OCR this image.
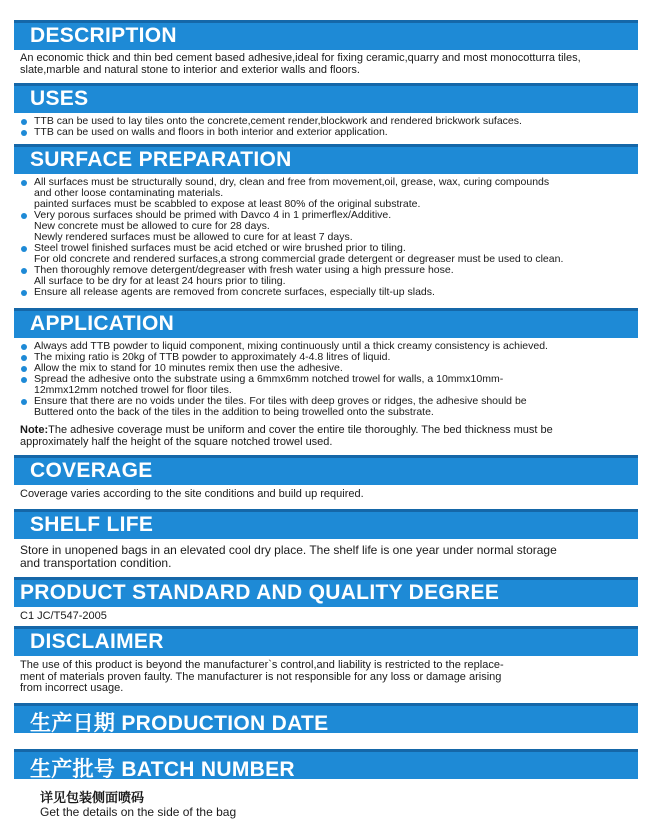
DESCRIPTION
An economic thick and thin bed cement based adhesive,ideal for fixing ceramic,quarry and most monocotturra tiles,
slate,marble and natural stone to interior and exterior walls and floors.
USES
TTB can be used to lay tiles onto the concrete,cement render,blockwork and rendered brickwork sufaces.
TTB can be used on walls and floors in both interior and exterior application.
SURFACE PREPARATION
All surfaces must be structurally sound, dry, clean and free from movement,oil, grease, wax, curing compounds
and other loose contaminating materials.
painted surfaces must be scabbled to expose at least 80% of the original substrate.
Very porous surfaces should be primed with Davco 4 in 1 primerflex/Additive.
New concrete must be allowed to cure for 28 days.
Newly rendered surfaces must be allowed to cure for at least 7 days.
Steel trowel finished surfaces must be acid etched or wire brushed prior to tiling.
For old concrete and rendered surfaces,a strong commercial grade detergent or degreaser must be used to clean.
Then thoroughly remove detergent/degreaser with fresh water using a high pressure hose.
All surface to be dry for at least 24 hours prior to tiling.
Ensure all release agents are removed from concrete surfaces, especially tilt-up slads.
APPLICATION
Always add TTB powder to liquid component, mixing continuously until a thick creamy consistency is achieved.
The mixing ratio is 20kg of TTB powder to approximately 4-4.8 litres of liquid.
Allow the mix to stand for 10 minutes remix then use the adhesive.
Spread the adhesive onto the substrate using a 6mmx6mm notched trowel for walls, a 10mmx10mm-
12mmx12mm notched trowel for floor tiles.
Ensure that there are no voids under the tiles. For tiles with deep groves or ridges, the adhesive should be
Buttered onto the back of the tiles in the addition to being trowelled onto the substrate.
Note:The adhesive coverage must be uniform and cover the entire tile thoroughly. The bed thickness must be
approximately half the height of the square notched trowel used.
COVERAGE
Coverage varies according to the site conditions and build up required.
SHELF LIFE
Store in unopened bags in an elevated cool dry place. The shelf life is one year under normal storage
and transportation condition.
PRODUCT STANDARD AND QUALITY DEGREE
C1 JC/T547-2005
DISCLAIMER
The use of this product is beyond the manufacturer`s control,and liability is restricted to the replace-
ment of materials proven faulty. The manufacturer is not responsible for any loss or damage arising
from incorrect usage.
生产日期 PRODUCTION DATE
生产批号 BATCH NUMBER
详见包装侧面喷码
Get the details on the side of the bag
